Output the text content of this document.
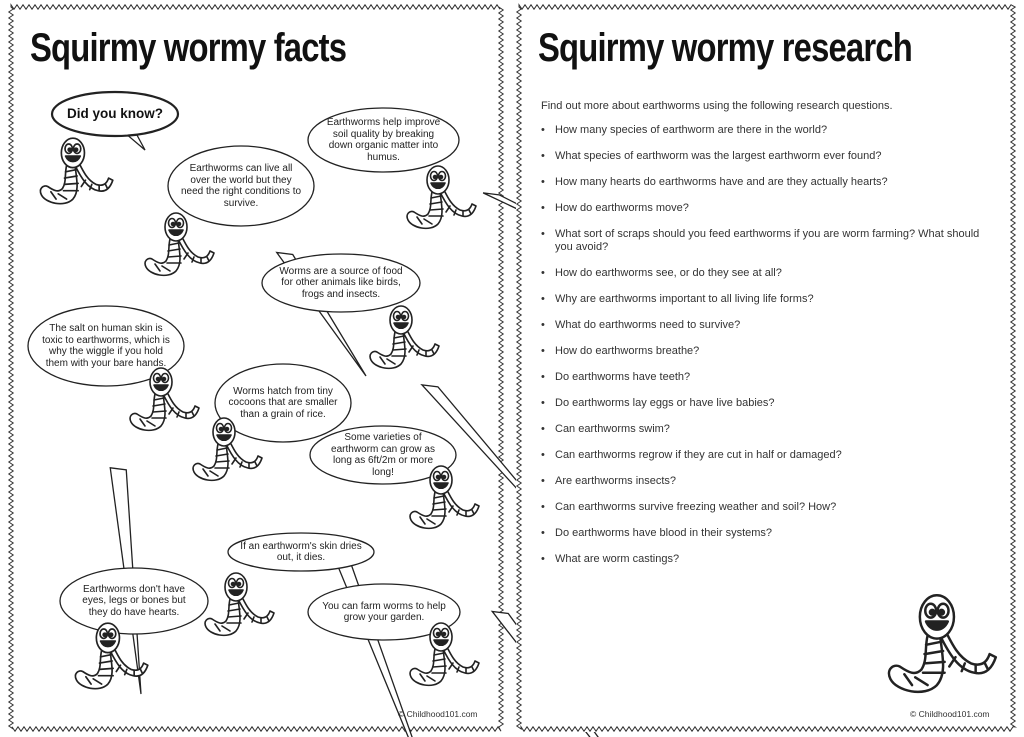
Squirmy wormy facts
Did you know?
Earthworms help improve soil quality by breaking down organic matter into humus.
Earthworms can live all over the world but they need the right conditions to survive.
Worms are a source of food for other animals like birds, frogs and insects.
The salt on human skin is toxic to earthworms, which is why the wiggle if you hold them with your bare hands.
Worms hatch from tiny cocoons that are smaller than a grain of rice.
Some varieties of earthworm can grow as long as 6ft/2m or more long!
If an earthworm's skin dries out, it dies.
Earthworms don't have eyes, legs or bones but they do have hearts.
You can farm worms to help grow your garden.
© Childhood101.com
Squirmy wormy research
Find out more about earthworms using the following research questions.
• How many species of earthworm are there in the world?
• What species of earthworm was the largest earthworm ever found?
• How many hearts do earthworms have and are they actually hearts?
• How do earthworms move?
• What sort of scraps should you feed earthworms if you are worm farming? What should you avoid?
• How do earthworms see, or do they see at all?
• Why are earthworms important to all living life forms?
• What do earthworms need to survive?
• How do earthworms breathe?
• Do earthworms have teeth?
• Do earthworms lay eggs or have live babies?
• Can earthworms swim?
• Can earthworms regrow if they are cut in half or damaged?
• Are earthworms insects?
• Can earthworms survive freezing weather and soil? How?
• Do earthworms have blood in their systems?
• What are worm castings?
© Childhood101.com
